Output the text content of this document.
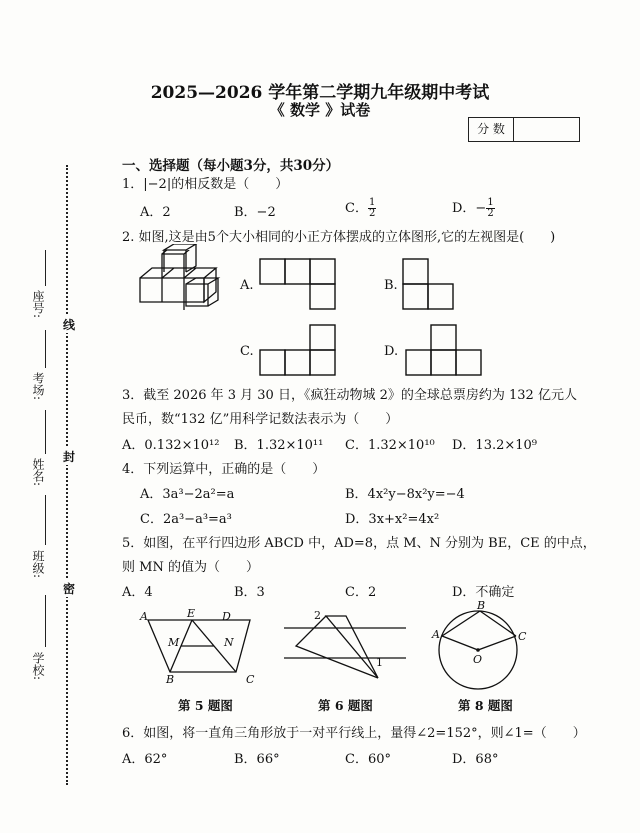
2025—2026 学年第二学期九年级期中考试
《 数学 》试卷
分 数
线
封
密
座号:
考场:
姓名:
班级:
学校:
一、选择题（每小题3分，共30分）
1．|−2|的相反数是（　　）
A．2	B．−2	C． $\frac{1}{2}$	D．− $\frac{1}{2}$
2. 如图,这是由5个大小相同的小正方体摆成的立体图形,它的左视图是(　　)
A.	B.
C.	D.
3．截至 2026 年 3 月 30 日，《疯狂动物城 2》的全球总票房约为 132 亿元人
民币，数“132 亿”用科学记数法表示为（　　）
A．0.132×10¹² B．1.32×10¹¹ C．1.32×10¹⁰ D．13.2×10⁹
4．下列运算中，正确的是（　　）
A．3a³−2a²=a	B．4x²y−8x²y=−4
C．2a³−a³=a³	D．3x+x²=4x²
5．如图，在平行四边形 ABCD 中，AD=8，点 M、N 分别为 BE，CE 的中点，
则 MN 的值为（　　）
A．4	B．3	C．2	D．不确定
A	E D
M	N
B	C
第 5 题图
2
1
第 6 题图
B
A	C
O
第 8 题图
6．如图，将一直角三角形放于一对平行线上，量得∠2=152°，则∠1=（　　）
A．62°	B．66°	C．60°	D．68°
